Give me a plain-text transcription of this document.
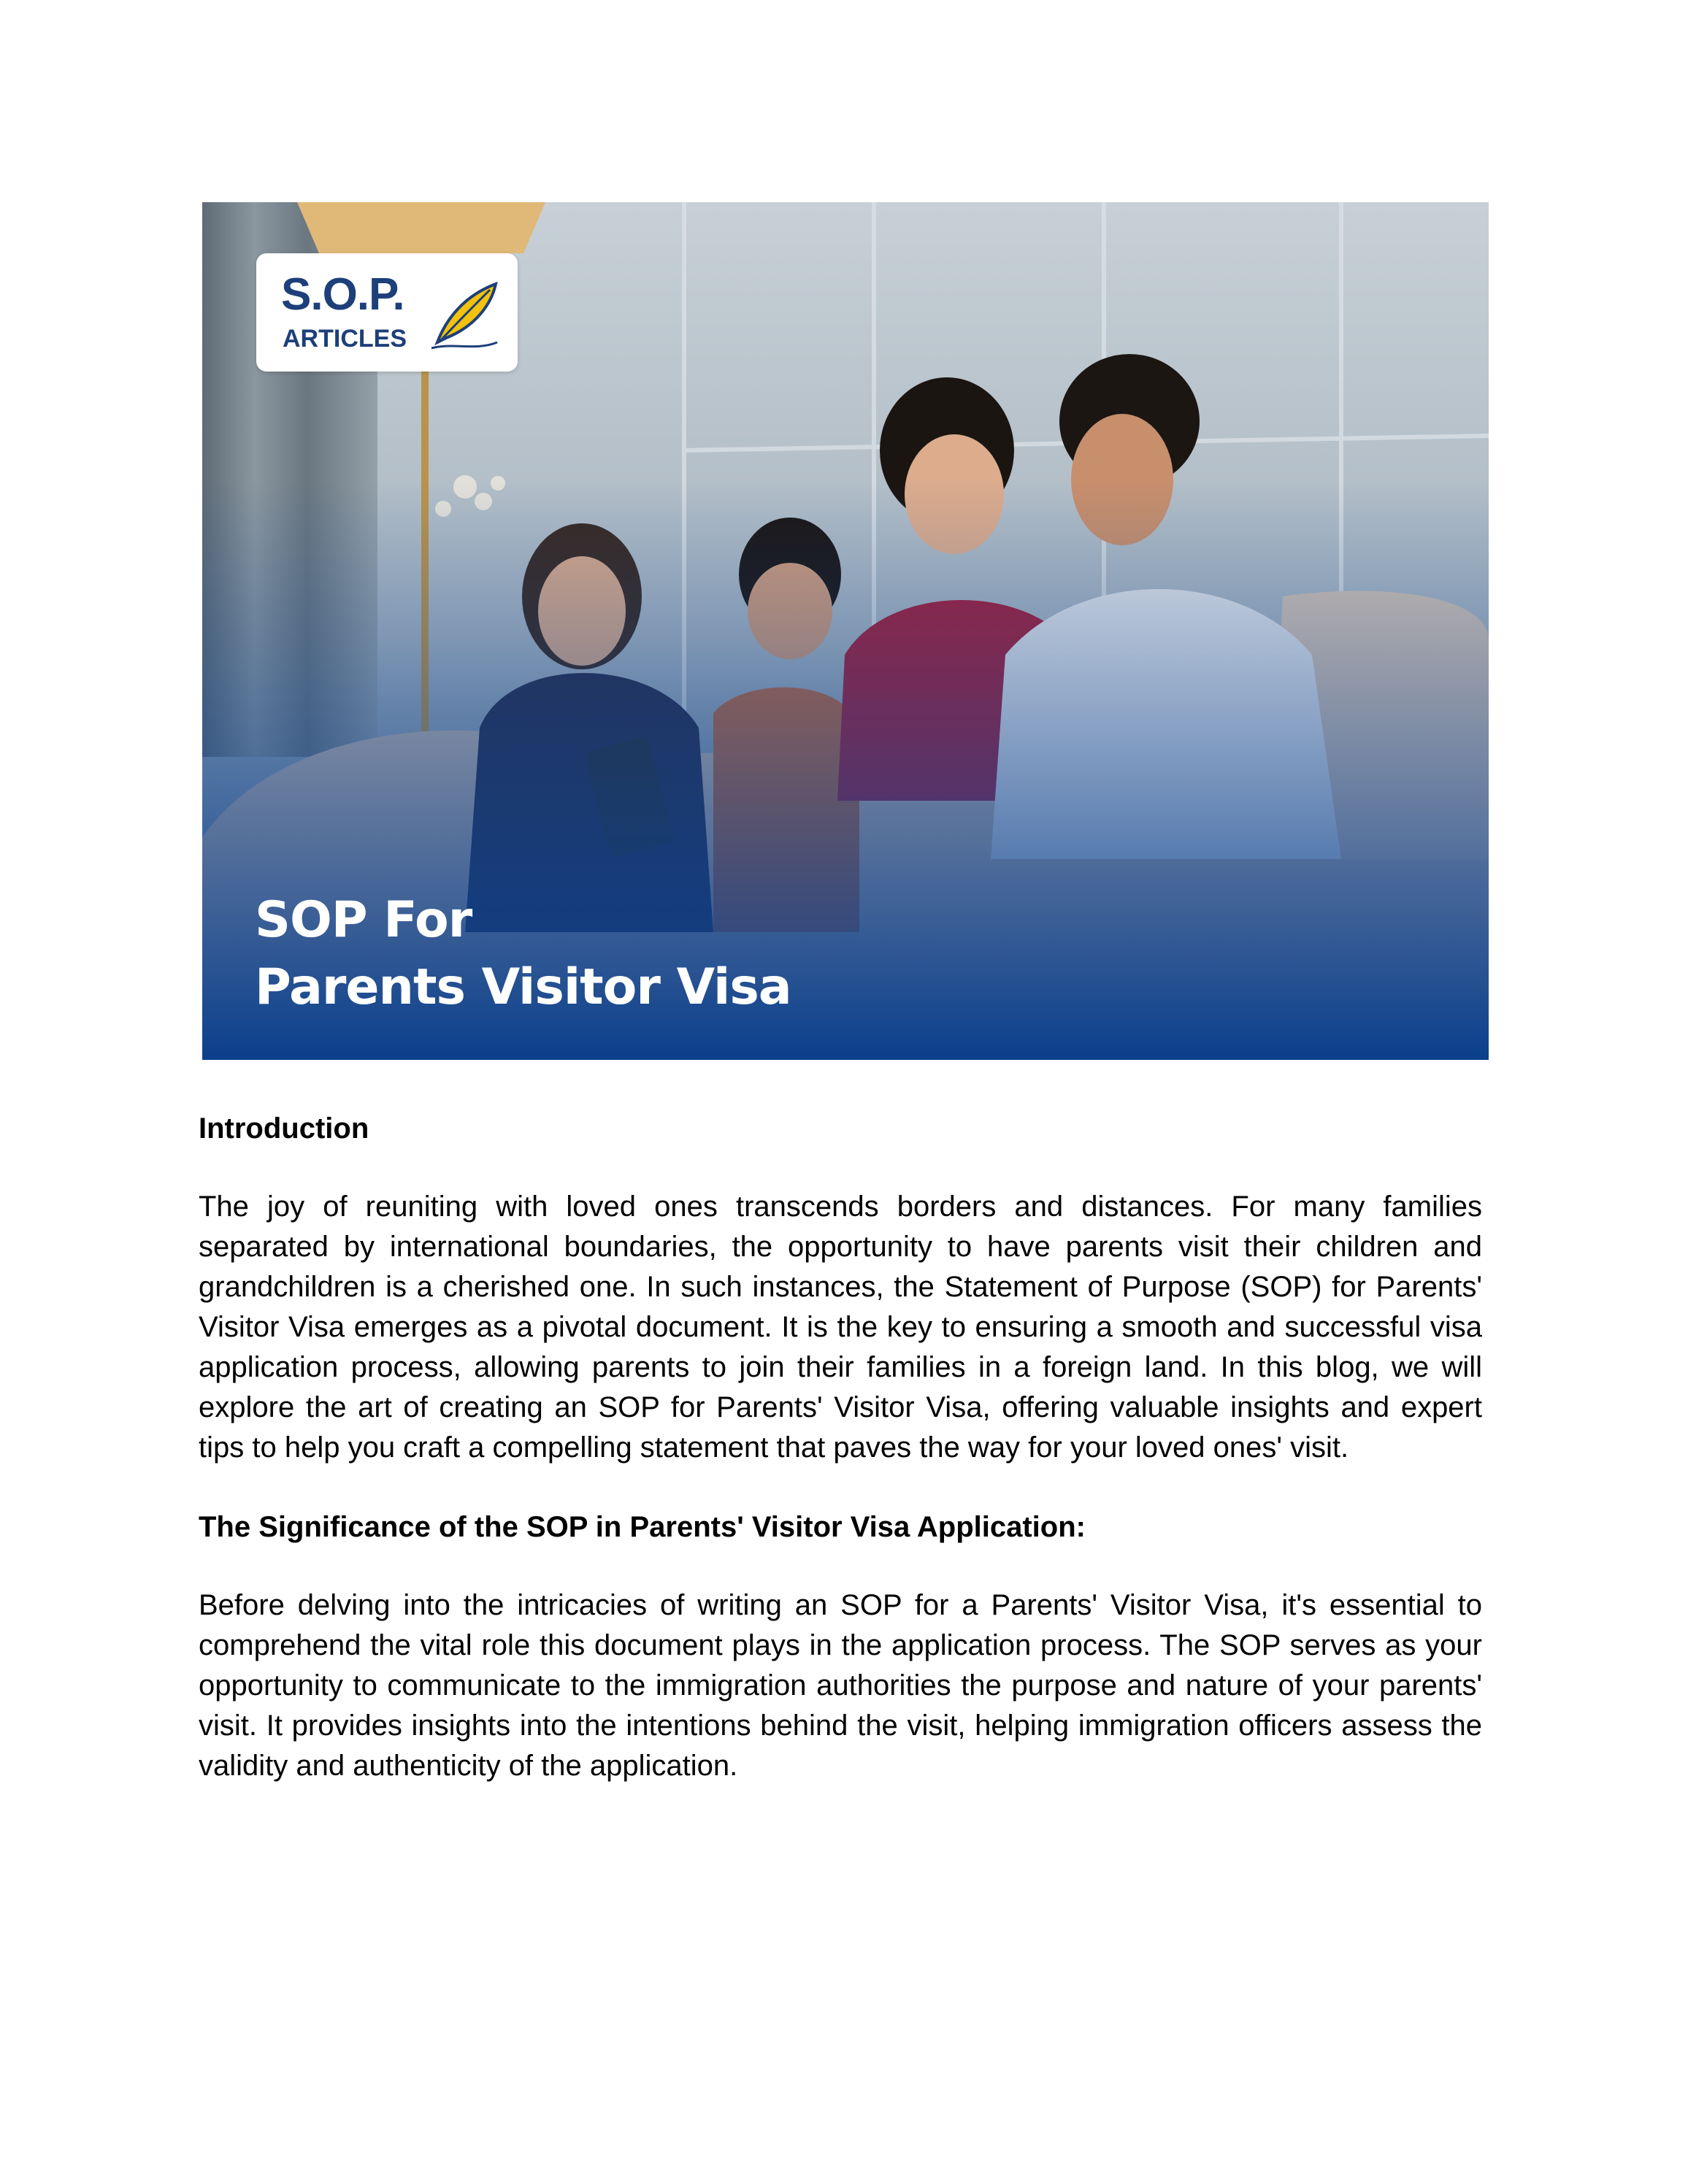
S.O.P.
ARTICLES
SOP For
Parents Visitor Visa
Introduction

The joy of reuniting with loved ones transcends borders and distances. For many families separated by international boundaries, the opportunity to have parents visit their children and grandchildren is a cherished one. In such instances, the Statement of Purpose (SOP) for Parents' Visitor Visa emerges as a pivotal document. It is the key to ensuring a smooth and successful visa application process, allowing parents to join their families in a foreign land. In this blog, we will explore the art of creating an SOP for Parents' Visitor Visa, offering valuable insights and expert tips to help you craft a compelling statement that paves the way for your loved ones' visit.

The Significance of the SOP in Parents' Visitor Visa Application:

Before delving into the intricacies of writing an SOP for a Parents' Visitor Visa, it's essential to comprehend the vital role this document plays in the application process. The SOP serves as your opportunity to communicate to the immigration authorities the purpose and nature of your parents' visit. It provides insights into the intentions behind the visit, helping immigration officers assess the validity and authenticity of the application.
